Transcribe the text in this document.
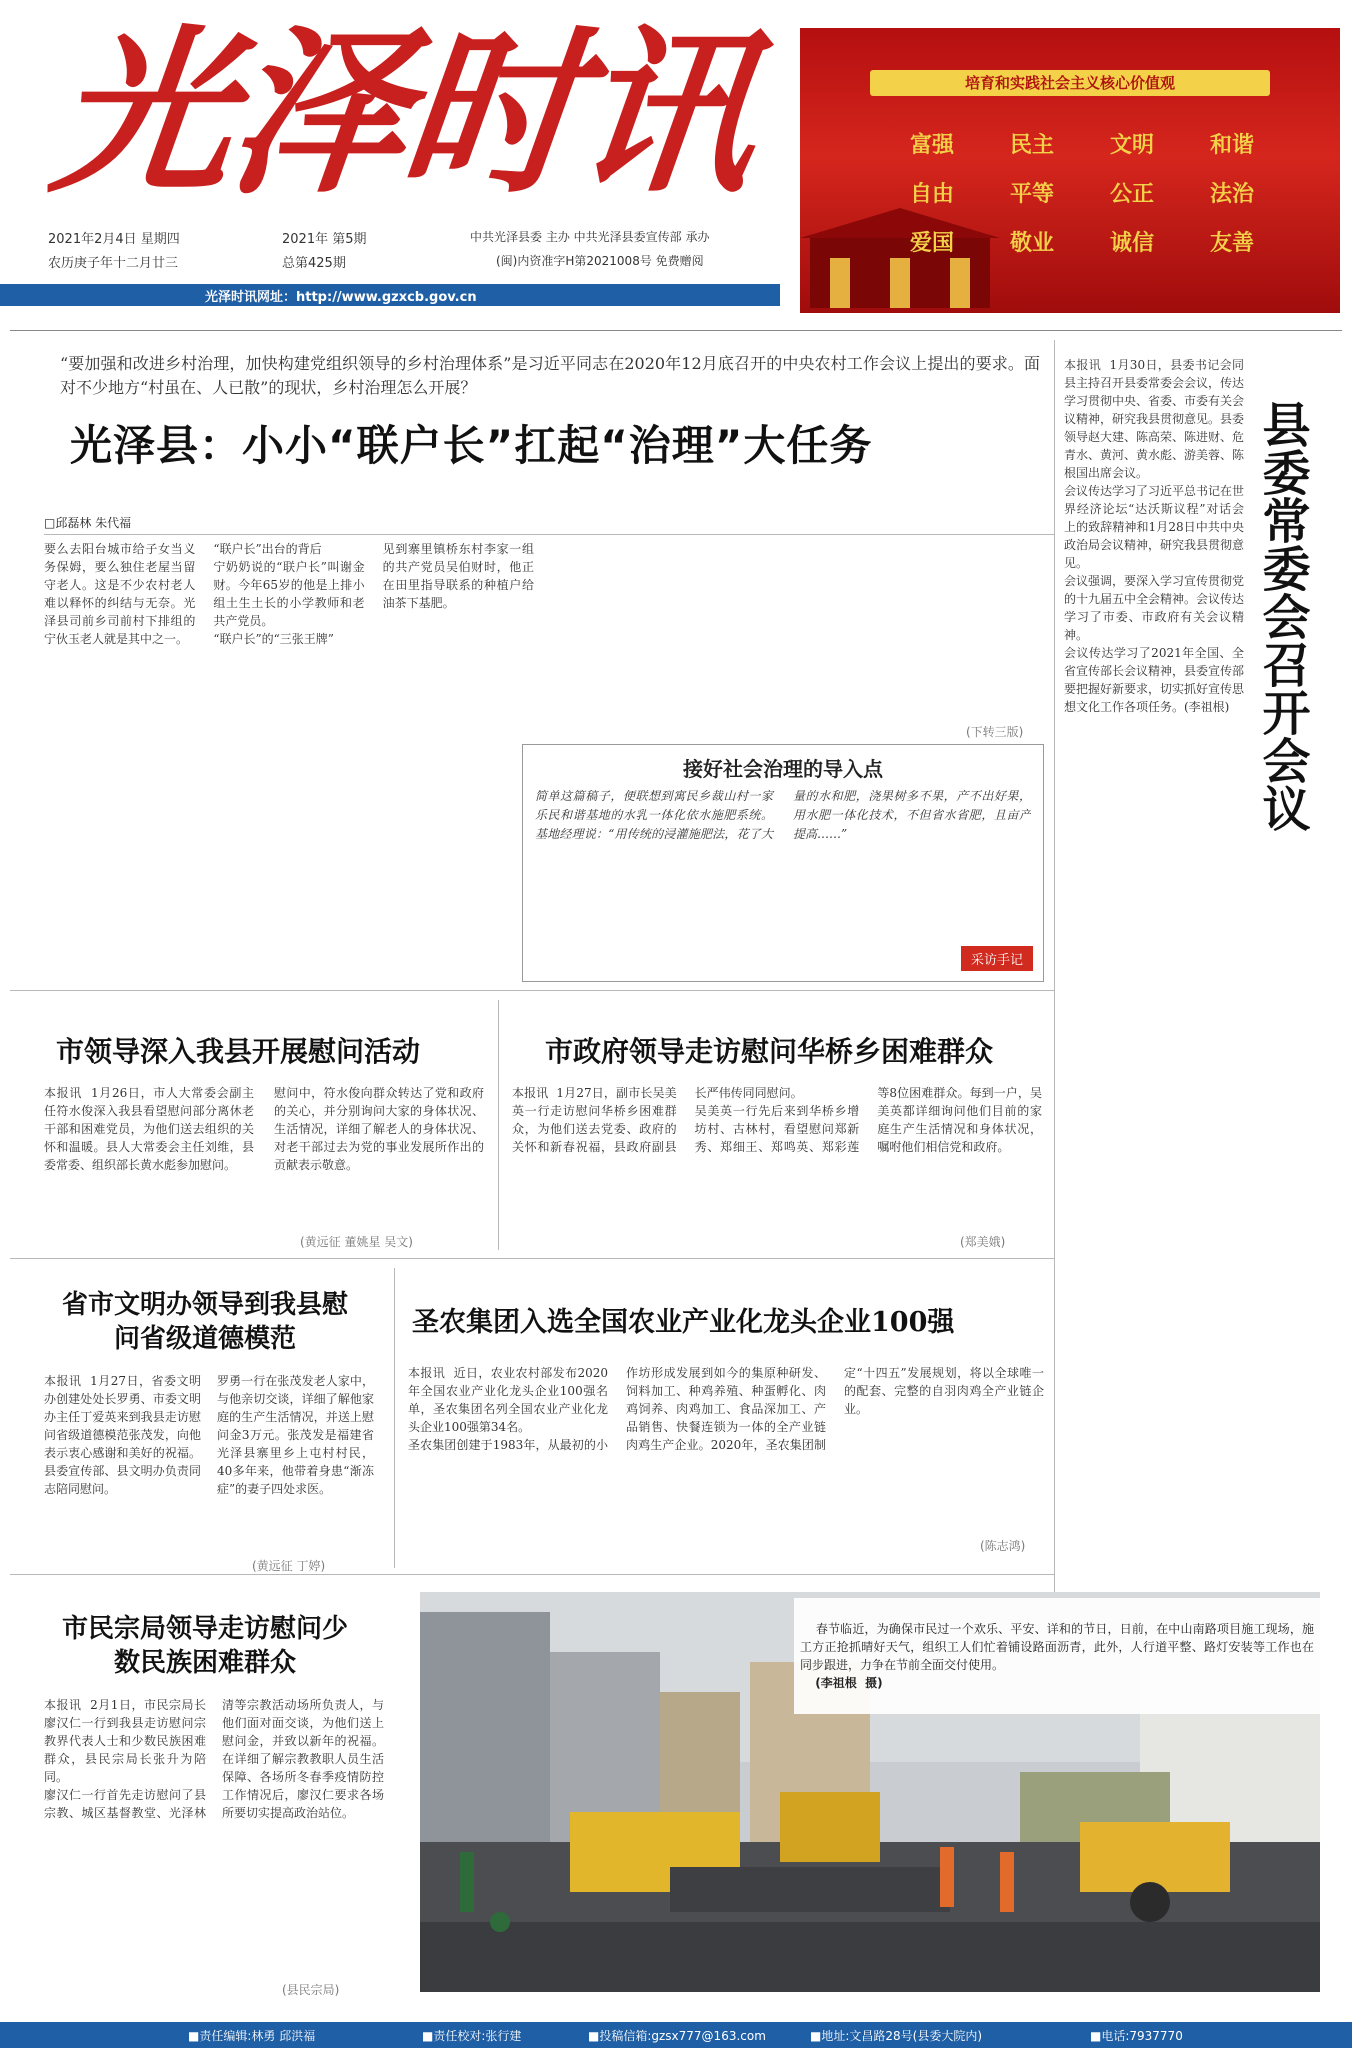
光泽时讯
2021年2月4日 星期四
农历庚子年十二月廿三
2021年 第5期
总第425期
中共光泽县委 主办 中共光泽县委宣传部 承办
(闽)内资准字H第2021008号 免费赠阅
光泽时讯网址：http://www.gzxcb.gov.cn
培育和实践社会主义核心价值观
富强	民主	文明	和谐
自由	平等	公正	法治
爱国	敬业	诚信	友善
“要加强和改进乡村治理，加快构建党组织领导的乡村治理体系”是习近平同志在2020年12月底召开的中央农村工作会议上提出的要求。面对不少地方“村虽在、人已散”的现状，乡村治理怎么开展？
光泽县：小小“联户长”扛起“治理”大任务
□邱磊林 朱代福
要么去阳台城市给子女当义务保姆，要么独住老屋当留守老人。这是不少农村老人难以释怀的纠结与无奈。光泽县司前乡司前村下排组的宁伙玉老人就是其中之一。
“联户长”出台的背后
宁奶奶说的“联户长”叫谢金财。今年65岁的他是上排小组土生土长的小学教师和老共产党员。
“联户长”的“三张王牌”
见到寨里镇桥东村李家一组的共产党员吴伯财时，他正在田里指导联系的种植户给油茶下基肥。
接好社会治理的导入点
简单这篇稿子，便联想到寓民乡裁山村一家乐民和谐基地的水乳一体化依水施肥系统。基地经理说：“用传统的浸灌施肥法，花了大量的水和肥，浇果树多不果，产不出好果，用水肥一体化技术，不但省水省肥，且亩产提高……”
采访手记
(下转三版)	县委常委会召开会议
本报讯  1月30日，县委书记会同县主持召开县委常委会会议，传达学习贯彻中央、省委、市委有关会议精神，研究我县贯彻意见。县委领导赵大建、陈高荣、陈进财、危青水、黄河、黄水彪、游美蓉、陈根国出席会议。
会议传达学习了习近平总书记在世界经济论坛“达沃斯议程”对话会上的致辞精神和1月28日中共中央政治局会议精神，研究我县贯彻意见。
会议强调，要深入学习宣传贯彻党的十九届五中全会精神。会议传达学习了市委、市政府有关会议精神。
会议传达学习了2021年全国、全省宣传部长会议精神，县委宣传部要把握好新要求，切实抓好宣传思想文化工作各项任务。(李祖根)
市领导深入我县开展慰问活动
本报讯  1月26日，市人大常委会副主任符水俊深入我县看望慰问部分离休老干部和困难党员，为他们送去组织的关怀和温暖。县人大常委会主任刘维，县委常委、组织部长黄水彪参加慰问。
慰问中，符水俊向群众转达了党和政府的关心，并分别询问大家的身体状况、生活情况，详细了解老人的身体状况、对老干部过去为党的事业发展所作出的贡献表示敬意。
(黄远征 董姚星 吴文)
市政府领导走访慰问华桥乡困难群众
本报讯  1月27日，副市长吴美英一行走访慰问华桥乡困难群众，为他们送去党委、政府的关怀和新春祝福，县政府副县长严伟传同同慰问。
吴美英一行先后来到华桥乡增坊村、古林村，看望慰问郑新秀、郑细王、郑鸣英、郑彩莲等8位困难群众。每到一户，吴美英都详细询问他们目前的家庭生产生活情况和身体状况，嘱咐他们相信党和政府。
(郑美娥)
省市文明办领导到我县慰问省级道德模范
本报讯  1月27日，省委文明办创建处处长罗勇、市委文明办主任丁爱英来到我县走访慰问省级道德模范张茂发，向他表示衷心感谢和美好的祝福。县委宣传部、县文明办负责同志陪同慰问。
罗勇一行在张茂发老人家中，与他亲切交谈，详细了解他家庭的生产生活情况，并送上慰问金3万元。张茂发是福建省光泽县寨里乡上屯村村民，40多年来，他带着身患“渐冻症”的妻子四处求医。
(黄远征 丁婷)
圣农集团入选全国农业产业化龙头企业100强
本报讯  近日，农业农村部发布2020年全国农业产业化龙头企业100强名单，圣农集团名列全国农业产业化龙头企业100强第34名。
圣农集团创建于1983年，从最初的小作坊形成发展到如今的集原种研发、饲料加工、种鸡养殖、种蛋孵化、肉鸡饲养、肉鸡加工、食品深加工、产品销售、快餐连锁为一体的全产业链肉鸡生产企业。2020年，圣农集团制定“十四五”发展规划，将以全球唯一的配套、完整的自羽肉鸡全产业链企业。
(陈志鸿)
市民宗局领导走访慰问少数民族困难群众
本报讯  2月1日，市民宗局长廖汉仁一行到我县走访慰问宗教界代表人士和少数民族困难群众，县民宗局长张升为陪同。
廖汉仁一行首先走访慰问了县宗教、城区基督教堂、光泽林清等宗教活动场所负责人，与他们面对面交谈，为他们送上慰问金，并致以新年的祝福。在详细了解宗教教职人员生活保障、各场所冬春季疫情防控工作情况后，廖汉仁要求各场所要切实提高政治站位。
(县民宗局)

春节临近，为确保市民过一个欢乐、平安、详和的节日，日前，在中山南路项目施工现场，施工方正抢抓晴好天气，组织工人们忙着铺设路面沥青，此外，人行道平整、路灯安装等工作也在同步跟进，力争在节前全面交付使用。
(李祖根  摄)

■责任编辑:林勇 邱洪福	■责任校对:张行建	■投稿信箱:gzsx777@163.com	■地址:文昌路28号(县委大院内)	■电话:7937770
